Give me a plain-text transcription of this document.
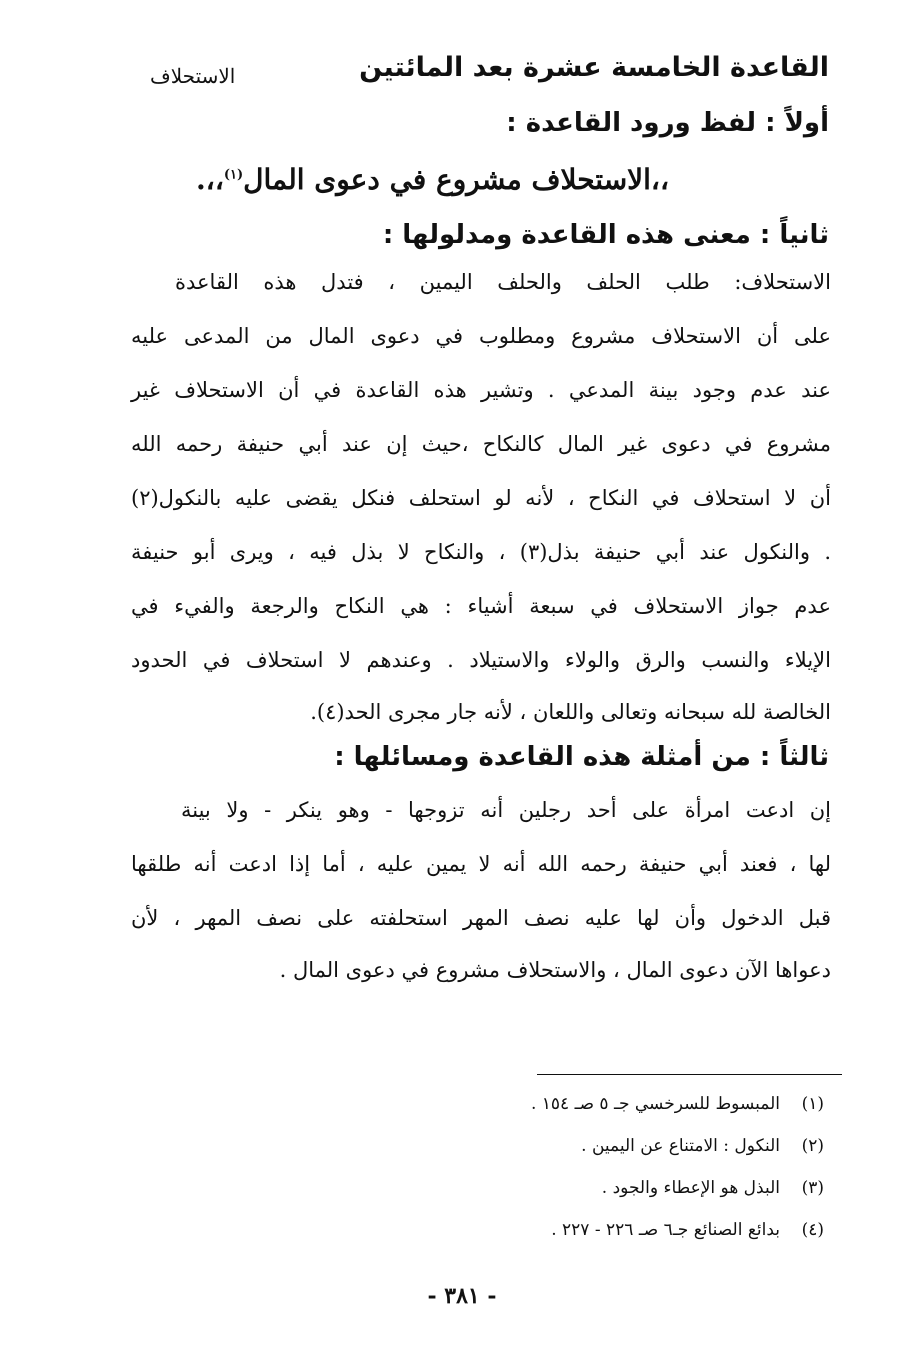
القاعدة الخامسة عشرة بعد المائتين
الاستحلاف
أولاً : لفظ ورود القاعدة :
،،الاستحلاف مشروع في دعوى المال$^{(١)}$،،.
ثانياً : معنى هذه القاعدة ومدلولها :
الاستحلاف: طلب الحلف والحلف اليمين ، فتدل هذه القاعدة
على أن الاستحلاف مشروع ومطلوب في دعوى المال من المدعى عليه
عند عدم وجود بينة المدعي . وتشير هذه القاعدة في أن الاستحلاف غير
مشروع في دعوى غير المال كالنكاح ،حيث إن عند أبي حنيفة رحمه الله
أن لا استحلاف في النكاح ، لأنه لو استحلف فنكل يقضى عليه بالنكول(٢)
. والنكول عند أبي حنيفة بذل(٣) ، والنكاح لا بذل فيه ، ويرى أبو حنيفة
عدم جواز الاستحلاف في سبعة أشياء : هي النكاح والرجعة والفيء في
الإيلاء والنسب والرق والولاء والاستيلاد . وعندهم لا استحلاف في الحدود
الخالصة لله سبحانه وتعالى واللعان ، لأنه جار مجرى الحد(٤).
ثالثاً : من أمثلة هذه القاعدة ومسائلها :
إن ادعت امرأة على أحد رجلين أنه تزوجها - وهو ينكر - ولا بينة
لها ، فعند أبي حنيفة رحمه الله أنه لا يمين عليه ، أما إذا ادعت أنه طلقها
قبل الدخول وأن لها عليه نصف المهر استحلفته على نصف المهر ، لأن
دعواها الآن دعوى المال ، والاستحلاف مشروع في دعوى المال .
(١)المبسوط للسرخسي جـ ٥ صـ ١٥٤ .
(٢)النكول : الامتناع عن اليمين .
(٣)البذل هو الإعطاء والجود .
(٤)بدائع الصنائع جـ٦ صـ ٢٢٦ - ٢٢٧ .
- ٣٨١ -
